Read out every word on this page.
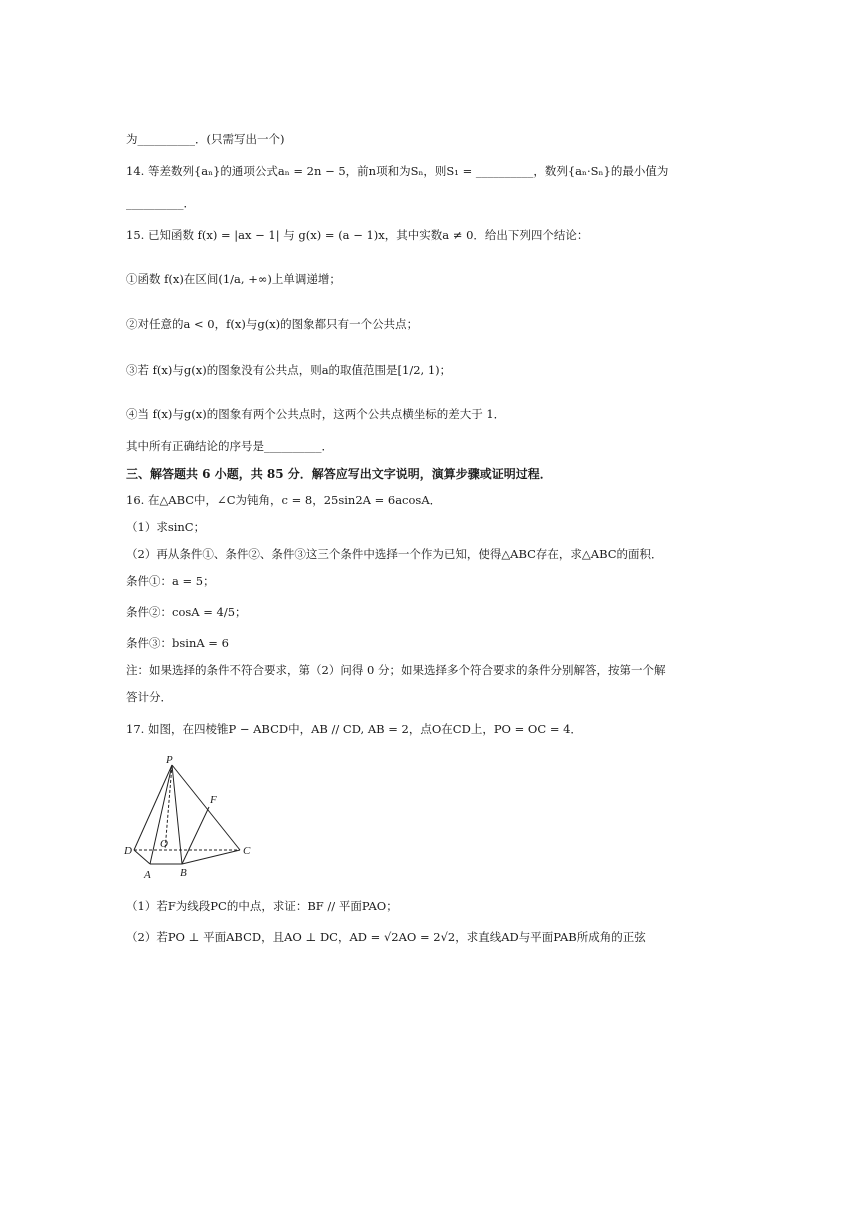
为__________．(只需写出一个)
14. 等差数列{aₙ}的通项公式aₙ = 2n − 5，前n项和为Sₙ，则S₁ = __________，数列{aₙ·Sₙ}的最小值为
__________．
15. 已知函数 f(x) = |ax − 1| 与 g(x) = (a − 1)x，其中实数a ≠ 0．给出下列四个结论：
①函数 f(x)在区间(1/a, +∞)上单调递增；
②对任意的a < 0，f(x)与g(x)的图象都只有一个公共点；
③若 f(x)与g(x)的图象没有公共点，则a的取值范围是[1/2, 1)；
④当 f(x)与g(x)的图象有两个公共点时，这两个公共点横坐标的差大于 1．
其中所有正确结论的序号是__________．
三、解答题共 6 小题，共 85 分．解答应写出文字说明，演算步骤或证明过程．
16. 在△ABC中，∠C为钝角，c = 8，25sin2A = 6acosA．
（1）求sinC；
（2）再从条件①、条件②、条件③这三个条件中选择一个作为已知，使得△ABC存在，求△ABC的面积．
条件①：a = 5；
条件②：cosA = 4/5；
条件③：bsinA = 6
注：如果选择的条件不符合要求，第（2）问得 0 分；如果选择多个符合要求的条件分别解答，按第一个解
答计分．
17. 如图，在四棱锥P − ABCD中，AB // CD, AB = 2，点O在CD上，PO = OC = 4．
P
F
D
O
C
A	B
（1）若F为线段PC的中点，求证：BF // 平面PAO；
（2）若PO ⊥ 平面ABCD，且AO ⊥ DC，AD = √2AO = 2√2，求直线AD与平面PAB所成角的正弦
